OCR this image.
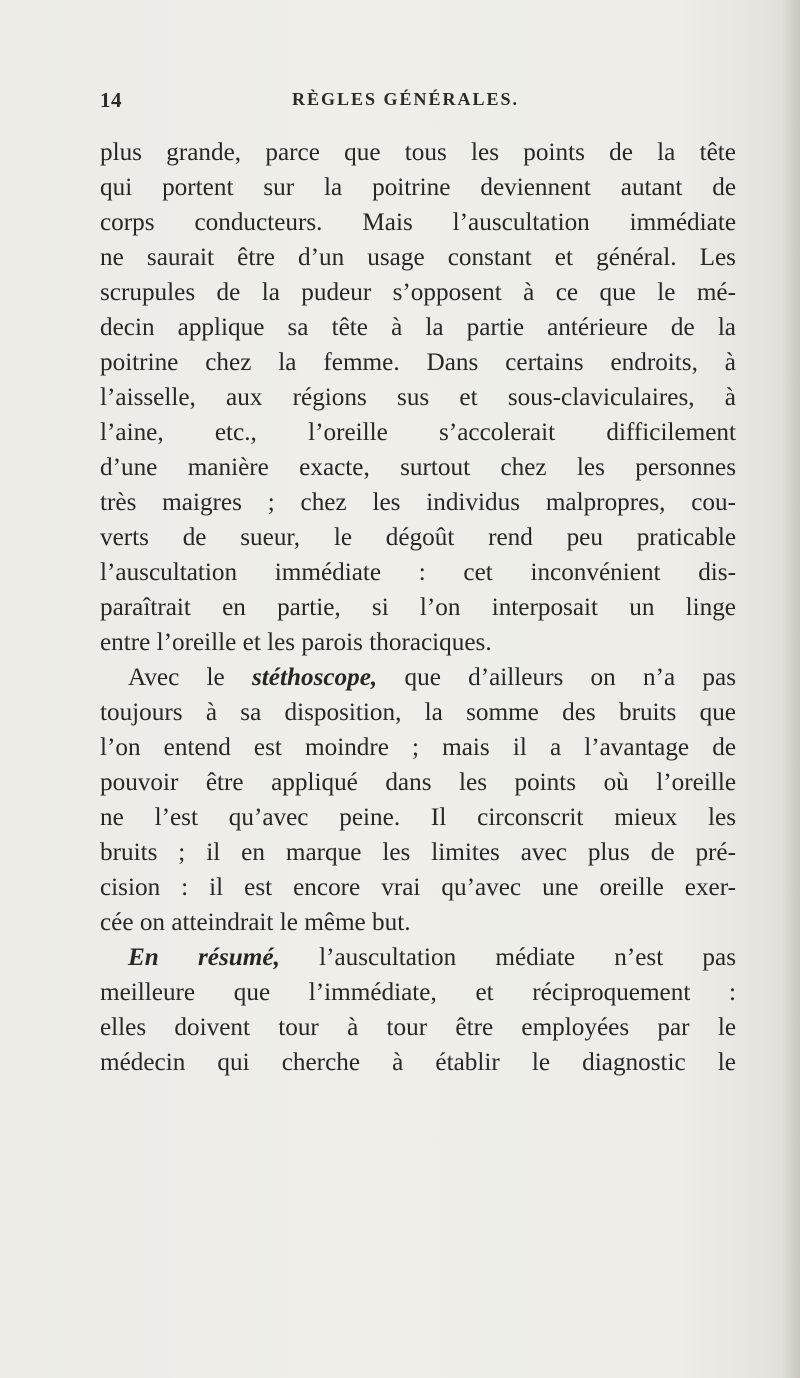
14	RÈGLES GÉNÉRALES.
plus grande, parce que tous les points de la tête
qui portent sur la poitrine deviennent autant de
corps conducteurs. Mais l’auscultation immédiate
ne saurait être d’un usage constant et général. Les
scrupules de la pudeur s’opposent à ce que le mé-
decin applique sa tête à la partie antérieure de la
poitrine chez la femme. Dans certains endroits, à
l’aisselle, aux régions sus et sous-claviculaires, à
l’aine, etc., l’oreille s’accolerait difficilement
d’une manière exacte, surtout chez les personnes
très maigres ; chez les individus malpropres, cou-
verts de sueur, le dégoût rend peu praticable
l’auscultation immédiate : cet inconvénient dis-
paraîtrait en partie, si l’on interposait un linge
entre l’oreille et les parois thoraciques.
Avec le stéthoscope, que d’ailleurs on n’a pas
toujours à sa disposition, la somme des bruits que
l’on entend est moindre ; mais il a l’avantage de
pouvoir être appliqué dans les points où l’oreille
ne l’est qu’avec peine. Il circonscrit mieux les
bruits ; il en marque les limites avec plus de pré-
cision : il est encore vrai qu’avec une oreille exer-
cée on atteindrait le même but.
En résumé, l’auscultation médiate n’est pas
meilleure que l’immédiate, et réciproquement :
elles doivent tour à tour être employées par le
médecin qui cherche à établir le diagnostic le
